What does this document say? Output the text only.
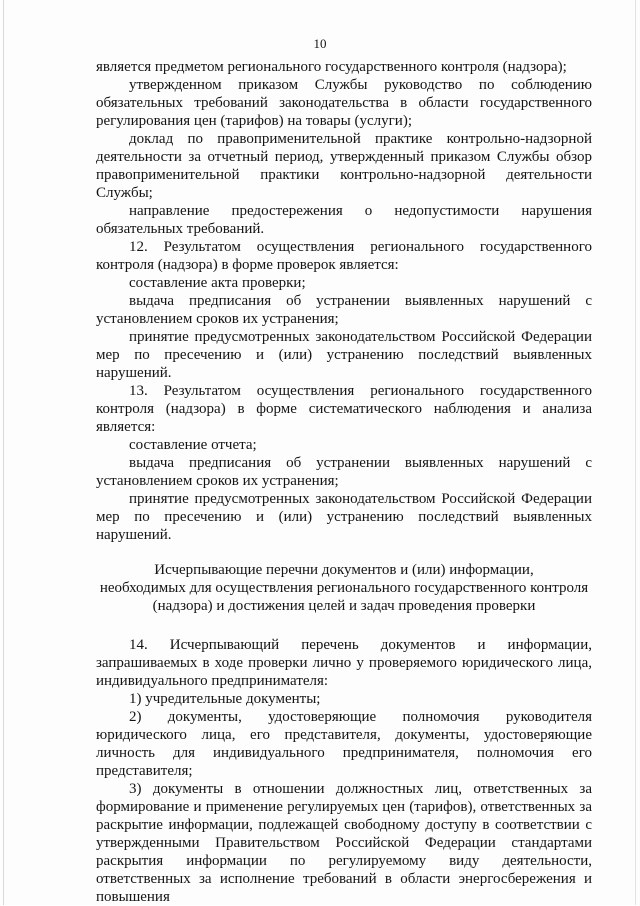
10

является предметом регионального государственного контроля (надзора);

утвержденном приказом Службы руководство по соблюдению обязательных требований законодательства в области государственного регулирования цен (тарифов) на товары (услуги);

доклад по правоприменительной практике контрольно-надзорной деятельности за отчетный период, утвержденный приказом Службы обзор правоприменительной практики контрольно-надзорной деятельности Службы;

направление предостережения о недопустимости нарушения обязательных требований.

12. Результатом осуществления регионального государственного контроля (надзора) в форме проверок является:

составление акта проверки;

выдача предписания об устранении выявленных нарушений с установлением сроков их устранения;

принятие предусмотренных законодательством Российской Федерации мер по пресечению и (или) устранению последствий выявленных нарушений.

13. Результатом осуществления регионального государственного контроля (надзора) в форме систематического наблюдения и анализа является:

составление отчета;

выдача предписания об устранении выявленных нарушений с установлением сроков их устранения;

принятие предусмотренных законодательством Российской Федерации мер по пресечению и (или) устранению последствий выявленных нарушений.

Исчерпывающие перечни документов и (или) информации,
необходимых для осуществления регионального государственного контроля
(надзора) и достижения целей и задач проведения проверки

14. Исчерпывающий перечень документов и информации, запрашиваемых в ходе проверки лично у проверяемого юридического лица, индивидуального предпринимателя:

1) учредительные документы;

2) документы, удостоверяющие полномочия руководителя юридического лица, его представителя, документы, удостоверяющие личность для индивидуального предпринимателя, полномочия его представителя;

3) документы в отношении должностных лиц, ответственных за формирование и применение регулируемых цен (тарифов), ответственных за раскрытие информации, подлежащей свободному доступу в соответствии с утвержденными Правительством Российской Федерации стандартами раскрытия информации по регулируемому виду деятельности, ответственных за исполнение требований в области энергосбережения и повышения
